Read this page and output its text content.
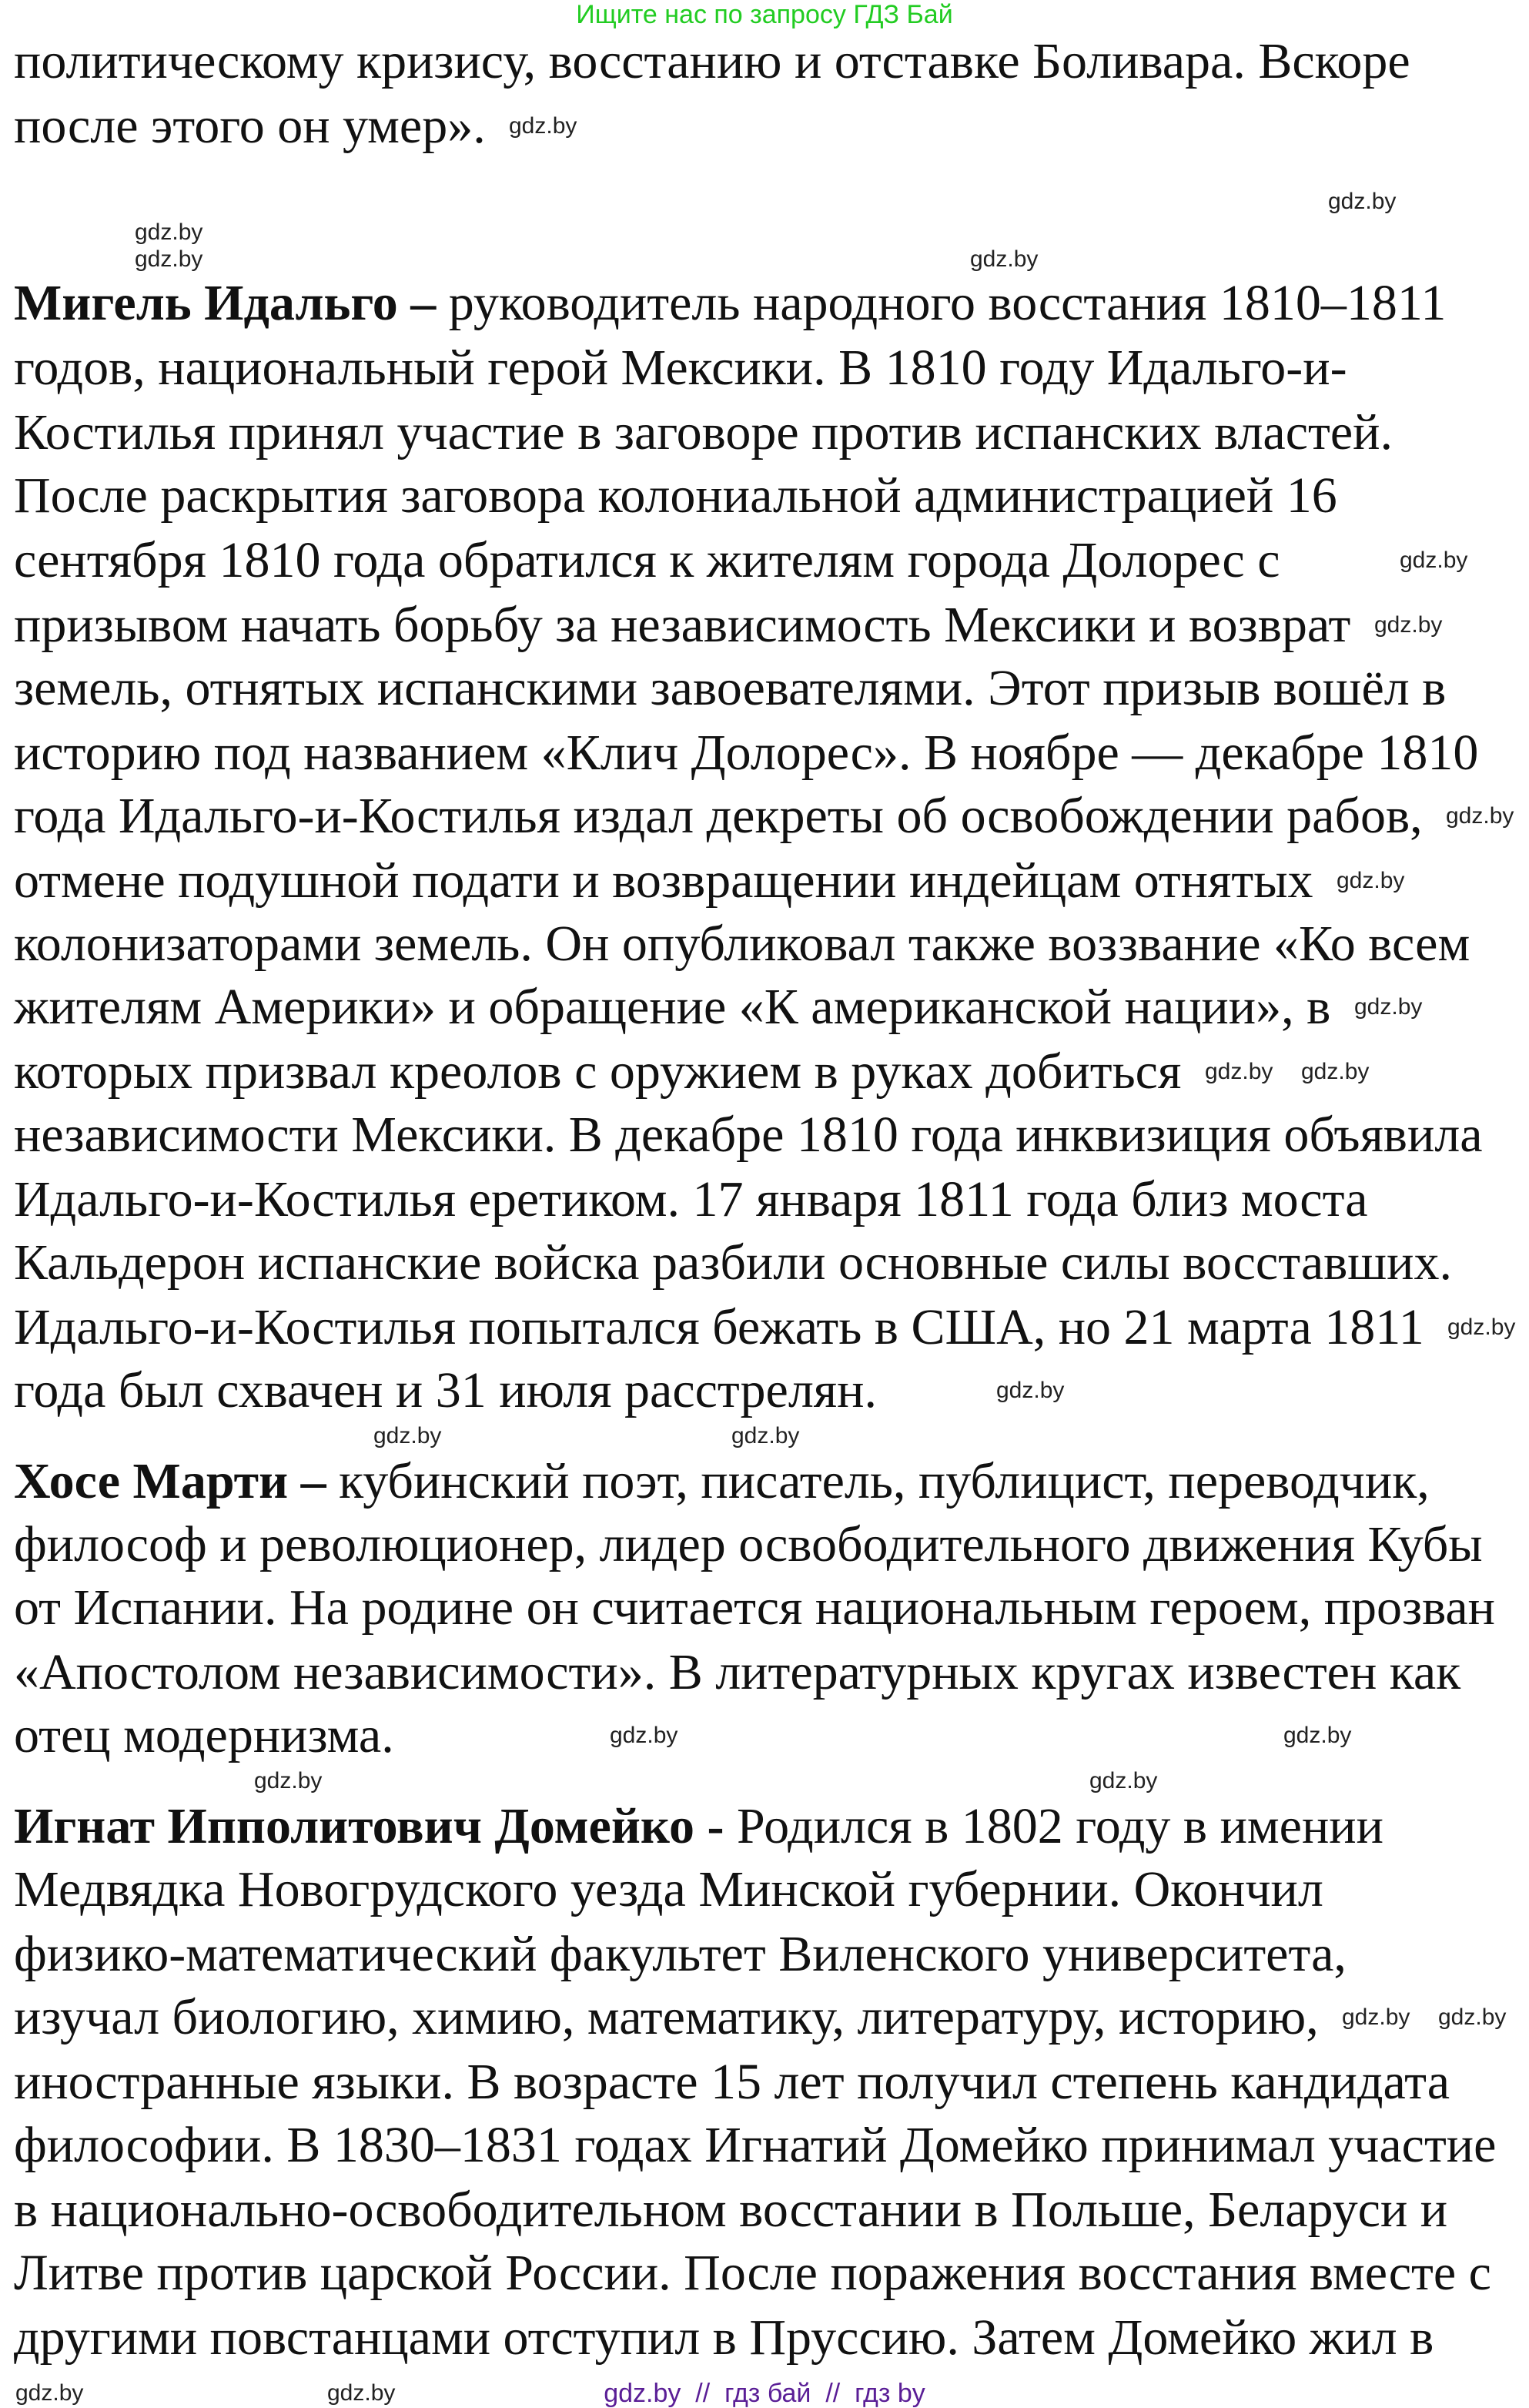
Ищите нас по запросу ГДЗ Бай
политическому кризису, восстанию и отставке Боливара. Вскоре
после этого он умер».
Мигель Идальго – руководитель народного восстания 1810–1811
годов, национальный герой Мексики. В 1810 году Идальго-и-
Костилья принял участие в заговоре против испанских властей.
После раскрытия заговора колониальной администрацией 16
сентября 1810 года обратился к жителям города Долорес с
призывом начать борьбу за независимость Мексики и возврат
земель, отнятых испанскими завоевателями. Этот призыв вошёл в
историю под названием «Клич Долорес». В ноябре — декабре 1810
года Идальго-и-Костилья издал декреты об освобождении рабов,
отмене подушной подати и возвращении индейцам отнятых
колонизаторами земель. Он опубликовал также воззвание «Ко всем
жителям Америки» и обращение «К американской нации», в
которых призвал креолов с оружием в руках добиться
независимости Мексики. В декабре 1810 года инквизиция объявила
Идальго-и-Костилья еретиком. 17 января 1811 года близ моста
Кальдерон испанские войска разбили основные силы восставших.
Идальго-и-Костилья попытался бежать в США, но 21 марта 1811
года был схвачен и 31 июля расстрелян.
Хосе Марти – кубинский поэт, писатель, публицист, переводчик,
философ и революционер, лидер освободительного движения Кубы
от Испании. На родине он считается национальным героем, прозван
«Апостолом независимости». В литературных кругах известен как
отец модернизма.
Игнат Ипполитович Домейко - Родился в 1802 году в имении
Медвядка Новогрудского уезда Минской губернии. Окончил
физико-математический факультет Виленского университета,
изучал биологию, химию, математику, литературу, историю,
иностранные языки. В возрасте 15 лет получил степень кандидата
философии. В 1830–1831 годах Игнатий Домейко принимал участие
в национально-освободительном восстании в Польше, Беларуси и
Литве против царской России. После поражения восстания вместе с
другими повстанцами отступил в Пруссию. Затем Домейко жил в
gdz.by
gdz.by
gdz.by
gdz.by
gdz.by
gdz.by
gdz.by
gdz.by
gdz.by
gdz.by
gdz.by gdz.by
gdz.by
gdz.by
gdz.by
gdz.by
gdz.by
gdz.by
gdz.by	gdz.by
gdz.by gdz.by
gdz.by
gdz.by	gdz.by  //  гдз бай  //  гдз by
